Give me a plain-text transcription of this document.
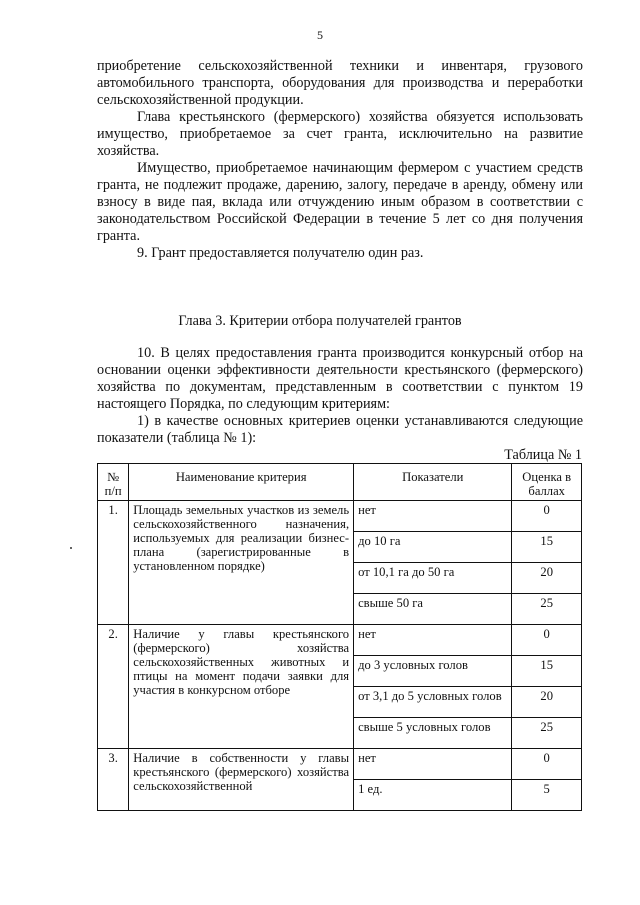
5

приобретение сельскохозяйственной техники и инвентаря, грузового автомобильного транспорта, оборудования для производства и переработки сельскохозяйственной продукции.

Глава крестьянского (фермерского) хозяйства обязуется использовать имущество, приобретаемое за счет гранта, исключительно на развитие хозяйства.

Имущество, приобретаемое начинающим фермером с участием средств гранта, не подлежит продаже, дарению, залогу, передаче в аренду, обмену или взносу в виде пая, вклада или отчуждению иным образом в соответствии с законодательством Российской Федерации в течение 5 лет со дня получения гранта.

9. Грант предоставляется получателю один раз.

Глава 3. Критерии отбора получателей грантов

10. В целях предоставления гранта производится конкурсный отбор на основании оценки эффективности деятельности крестьянского (фермерского) хозяйства по документам, представленным в соответствии с пунктом 19 настоящего Порядка, по следующим критериям:

1) в качестве основных критериев оценки устанавливаются следующие показатели (таблица № 1):

Таблица № 1
№ п/п	Наименование критерия	Показатели	Оценка в баллах
1.	Площадь земельных участков из земель сельскохозяйственного назначения, используемых для реализации бизнес-плана (зарегистрированные в установленном порядке)	нет	0
		до 10 га	15
		от 10,1 га до 50 га	20
		свыше 50 га	25
2.	Наличие у главы крестьянского (фермерского) хозяйства сельскохозяйственных животных и птицы на момент подачи заявки для участия в конкурсном отборе	нет	0
		до 3 условных голов	15
		от 3,1 до 5 условных голов	20
		свыше 5 условных голов	25
3.	Наличие в собственности у главы крестьянского (фермерского) хозяйства сельскохозяйственной	нет	0
		1 ед.	5
